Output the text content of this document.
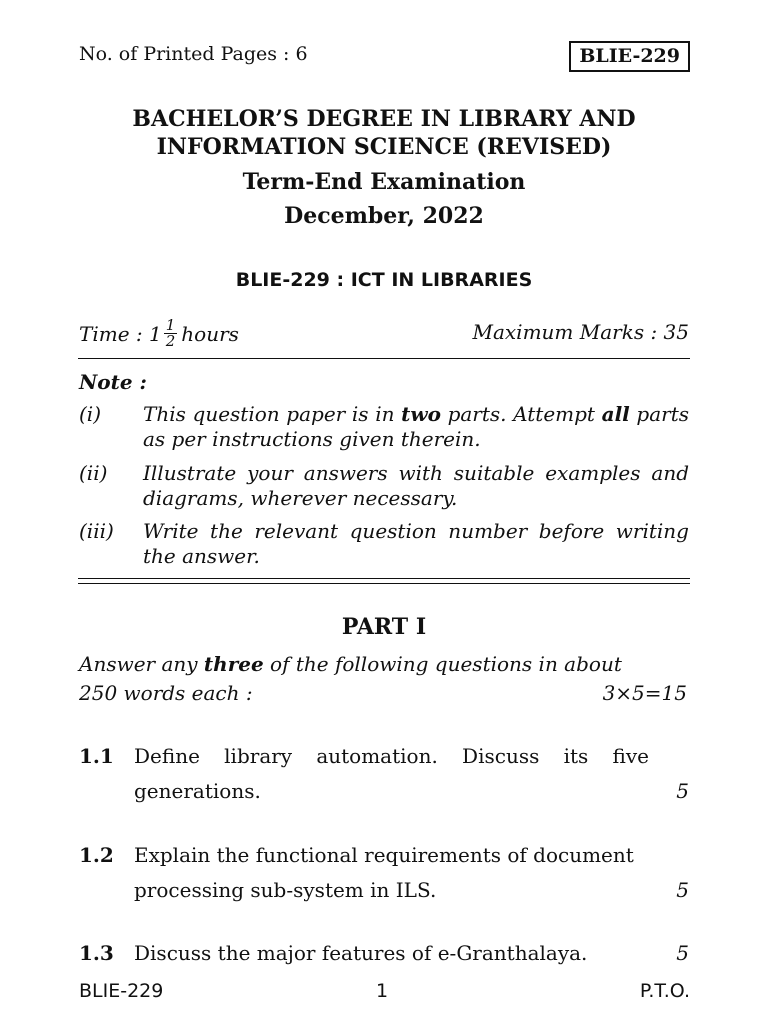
No. of Printed Pages : 6	BLIE-229
BACHELOR’S DEGREE IN LIBRARY AND
INFORMATION SCIENCE (REVISED)
Term-End Examination
December, 2022
BLIE-229 : ICT IN LIBRARIES
Time : $1 \frac{1}{2}$ hours	Maximum Marks : 35
Note :
(i)	This question paper is in two parts. Attempt all parts as per instructions given therein.
(ii)	Illustrate your answers with suitable examples and diagrams, wherever necessary.
(iii)	Write the relevant question number before writing the answer.
PART I
Answer any three of the following questions in about
250 words each :	3×5=15
1.1	Define library automation. Discuss its five
generations.	5
1.2	Explain the functional requirements of document
processing sub-system in ILS.	5
1.3	Discuss the major features of e-Granthalaya.	5
BLIE-229	1	P.T.O.
